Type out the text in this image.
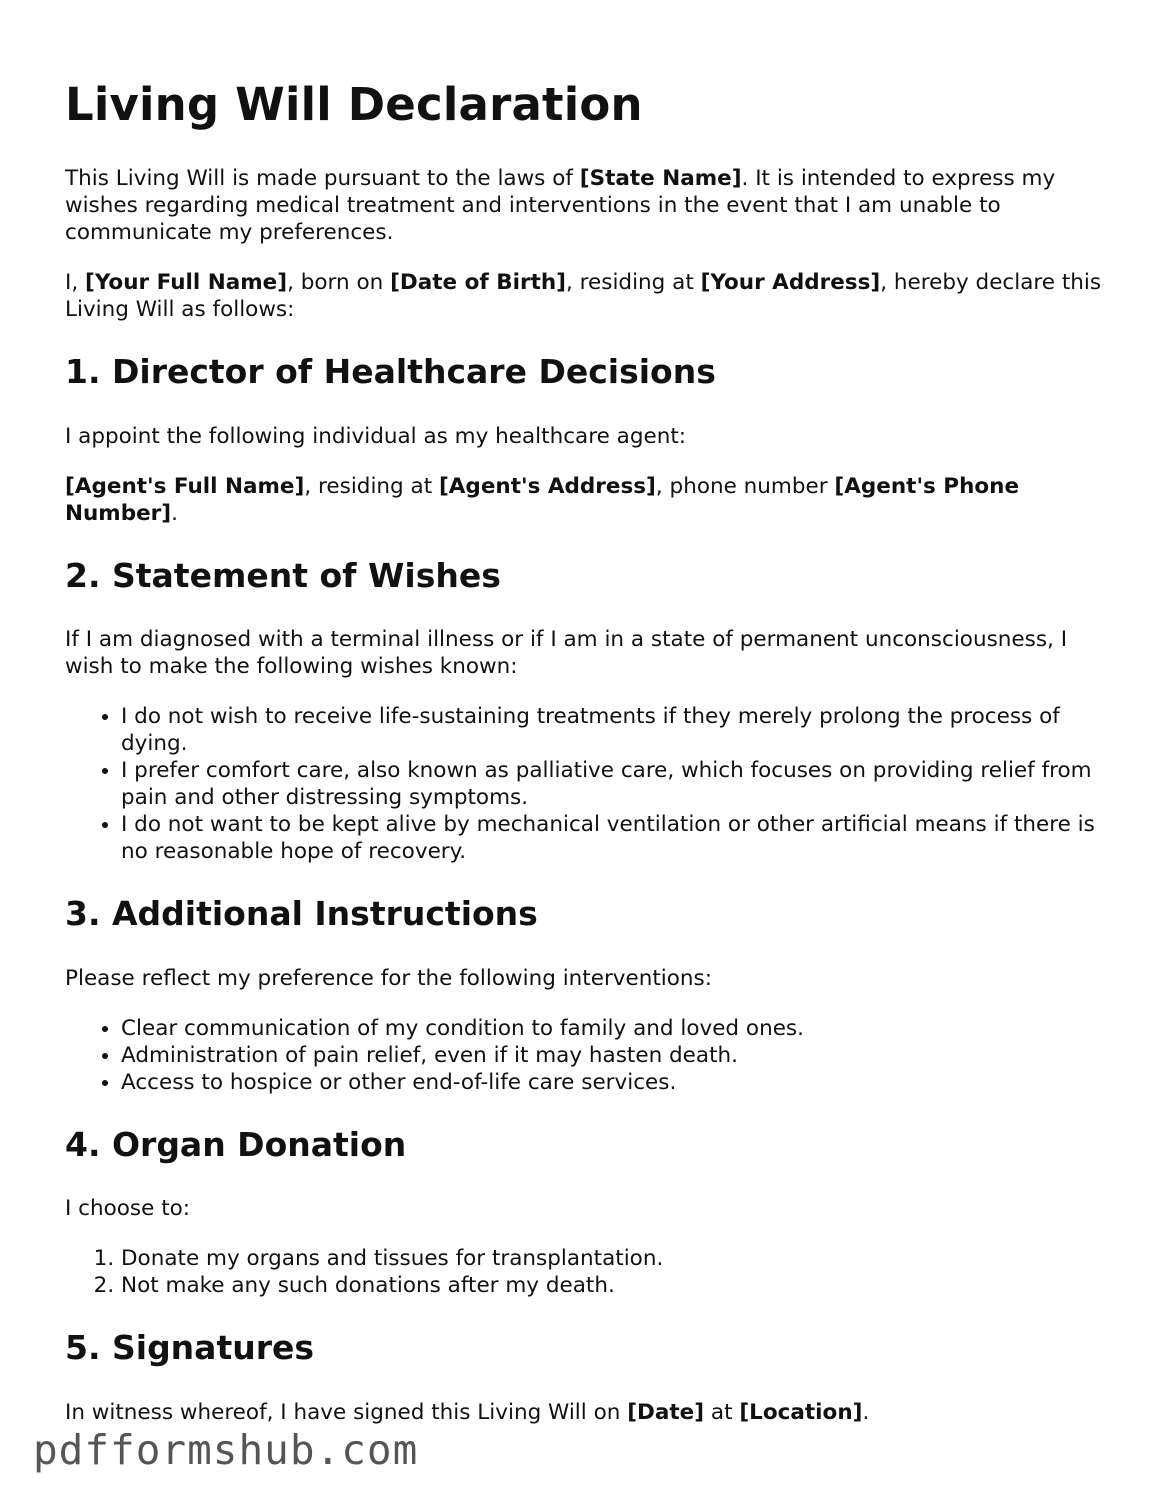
Living Will Declaration

This Living Will is made pursuant to the laws of [State Name]. It is intended to express my wishes regarding medical treatment and interventions in the event that I am unable to communicate my preferences.

I, [Your Full Name], born on [Date of Birth], residing at [Your Address], hereby declare this Living Will as follows:

1. Director of Healthcare Decisions

I appoint the following individual as my healthcare agent:

[Agent's Full Name], residing at [Agent's Address], phone number [Agent's Phone Number].

2. Statement of Wishes

If I am diagnosed with a terminal illness or if I am in a state of permanent unconsciousness, I wish to make the following wishes known:

• I do not wish to receive life-sustaining treatments if they merely prolong the process of dying.
• I prefer comfort care, also known as palliative care, which focuses on providing relief from pain and other distressing symptoms.
• I do not want to be kept alive by mechanical ventilation or other artificial means if there is no reasonable hope of recovery.
3. Additional Instructions

Please reflect my preference for the following interventions:

• Clear communication of my condition to family and loved ones.
• Administration of pain relief, even if it may hasten death.
• Access to hospice or other end-of-life care services.
4. Organ Donation

I choose to:

1. Donate my organs and tissues for transplantation.
2. Not make any such donations after my death.
5. Signatures

In witness whereof, I have signed this Living Will on [Date] at [Location].

pdfformshub.com
